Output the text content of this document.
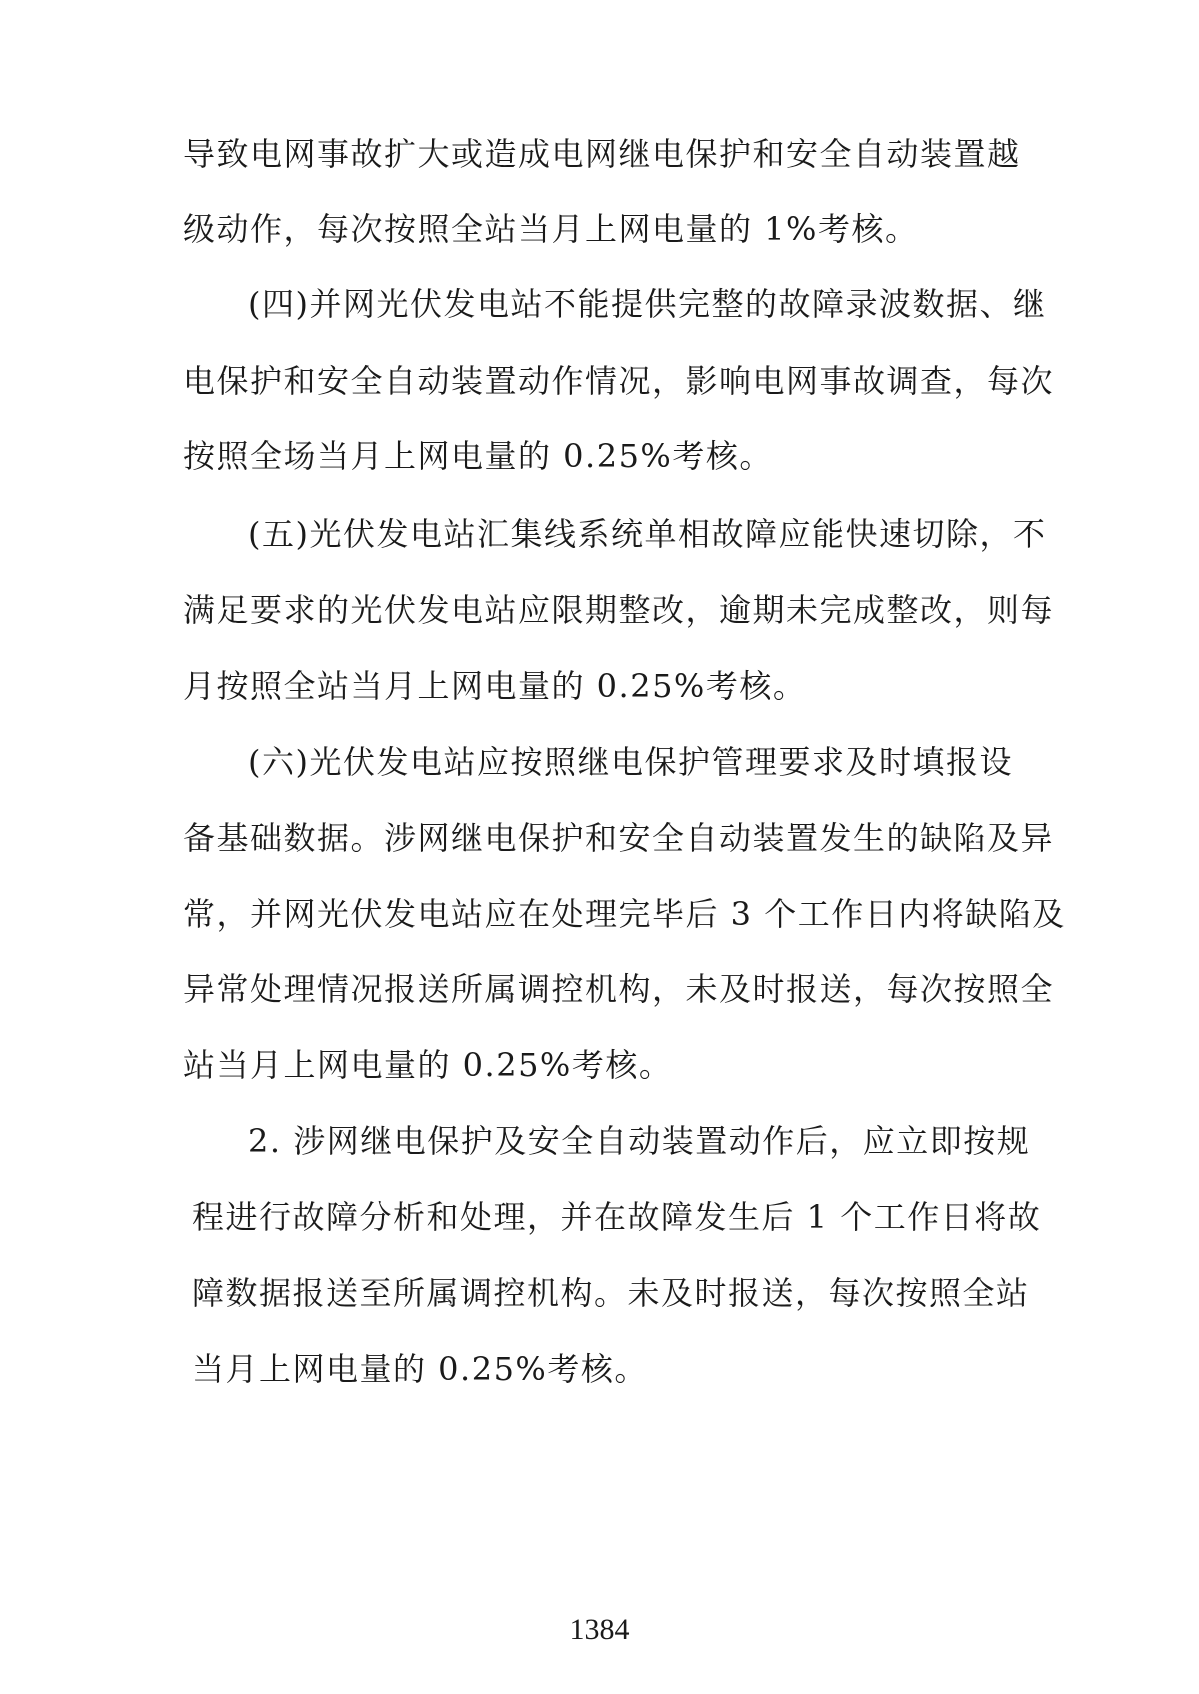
导致电网事故扩大或造成电网继电保护和安全自动装置越
级动作，每次按照全站当月上网电量的 1%考核。
(四)并网光伏发电站不能提供完整的故障录波数据、继
电保护和安全自动装置动作情况，影响电网事故调查，每次
按照全场当月上网电量的 0.25%考核。
(五)光伏发电站汇集线系统单相故障应能快速切除，不
满足要求的光伏发电站应限期整改，逾期未完成整改，则每
月按照全站当月上网电量的 0.25%考核。
(六)光伏发电站应按照继电保护管理要求及时填报设
备基础数据。涉网继电保护和安全自动装置发生的缺陷及异
常，并网光伏发电站应在处理完毕后 3 个工作日内将缺陷及
异常处理情况报送所属调控机构，未及时报送，每次按照全
站当月上网电量的 0.25%考核。
2. 涉网继电保护及安全自动装置动作后，应立即按规
程进行故障分析和处理，并在故障发生后 1 个工作日将故
障数据报送至所属调控机构。未及时报送，每次按照全站
当月上网电量的 0.25%考核。
1384
